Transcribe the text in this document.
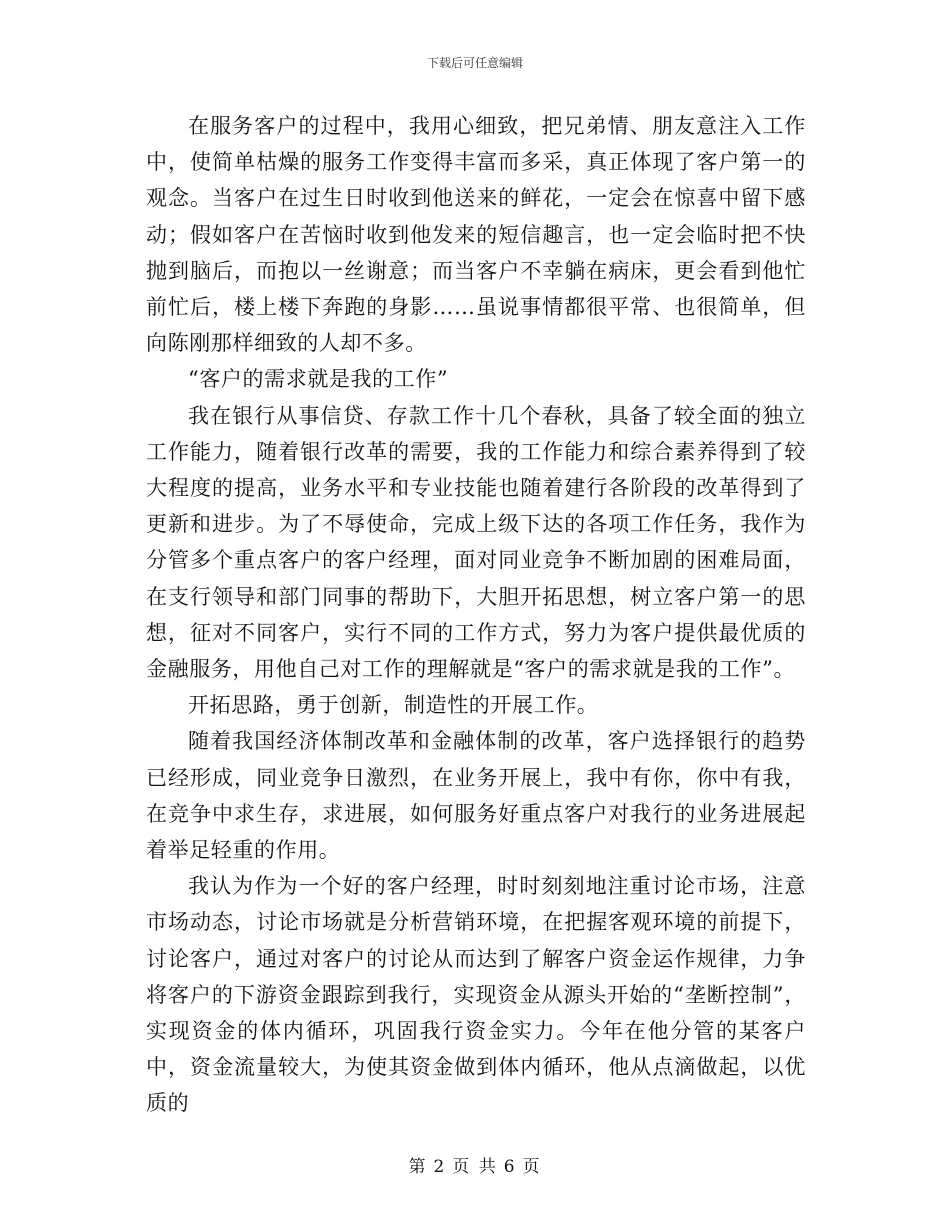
下载后可任意编辑

在服务客户的过程中，我用心细致，把兄弟情、朋友意注入工作中，使简单枯燥的服务工作变得丰富而多采，真正体现了客户第一的观念。当客户在过生日时收到他送来的鲜花，一定会在惊喜中留下感动；假如客户在苦恼时收到他发来的短信趣言，也一定会临时把不快抛到脑后，而抱以一丝谢意；而当客户不幸躺在病床，更会看到他忙前忙后，楼上楼下奔跑的身影……虽说事情都很平常、也很简单，但向陈刚那样细致的人却不多。

“客户的需求就是我的工作”

我在银行从事信贷、存款工作十几个春秋，具备了较全面的独立工作能力，随着银行改革的需要，我的工作能力和综合素养得到了较大程度的提高，业务水平和专业技能也随着建行各阶段的改革得到了更新和进步。为了不辱使命，完成上级下达的各项工作任务，我作为分管多个重点客户的客户经理，面对同业竞争不断加剧的困难局面，在支行领导和部门同事的帮助下，大胆开拓思想，树立客户第一的思想，征对不同客户，实行不同的工作方式，努力为客户提供最优质的金融服务，用他自己对工作的理解就是“客户的需求就是我的工作”。

开拓思路，勇于创新，制造性的开展工作。

随着我国经济体制改革和金融体制的改革，客户选择银行的趋势已经形成，同业竞争日激烈，在业务开展上，我中有你，你中有我，在竞争中求生存，求进展，如何服务好重点客户对我行的业务进展起着举足轻重的作用。

我认为作为一个好的客户经理，时时刻刻地注重讨论市场，注意市场动态，讨论市场就是分析营销环境，在把握客观环境的前提下，讨论客户，通过对客户的讨论从而达到了解客户资金运作规律，力争将客户的下游资金跟踪到我行，实现资金从源头开始的“垄断控制”，实现资金的体内循环，巩固我行资金实力。今年在他分管的某客户中，资金流量较大，为使其资金做到体内循环，他从点滴做起，以优质的

第 2 页 共 6 页
